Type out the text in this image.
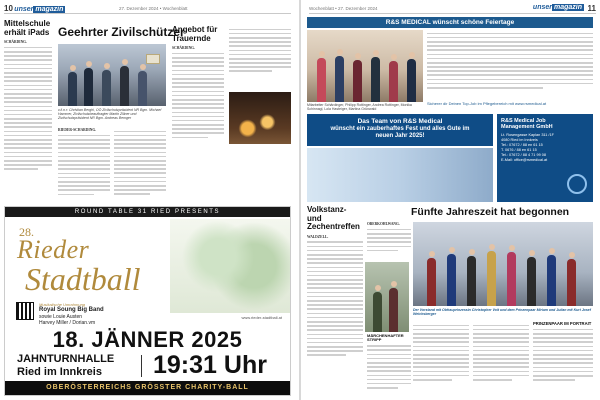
10 unser magazin	27. Dezember 2024 • Wochenblatt
Mittelschule
erhält iPads
SCHÄRDING.
Geehrter Zivilschützer
v.li.n.r: Christian Berghi, OÖ Zivilschutzpräsident NR Bgm. Michael Hammer, Zivilschutzbeauftragter Martin Zillner und Zivilschutzpräsident NR Bgm. Andreas Bemger
RIEDER-SCHÄRDING.
Angebot für
Trauernde
SCHÄRDING.
ROUND TABLE 31 RIED PRESENTS
28.
Rieder
Stadtball
Musikalische Umrahmung
Royal Soung Big Band
sowie Louie Austen
Harvey Miller / Dorian.vm
www.rieder-stadtball.at
18. JÄNNER 2025
JAHNTURNHALLE
Ried im Innkreis 19:31 Uhr
OBERÖSTERREICHS GRÖSSTER CHARITY-BALL
Wochenblatt • 27. Dezember 2024	unser magazin 11
R&S MEDICAL wünscht schöne Feiertage
Mitarbeiter Schärdinger, Philipp Rottinger, Andrea Rottinger, Monika Schinnagl, Lola Hasteiger, Martina Grünwald
Sicherer dir Deinen Top-Job im Pflegebereich mit www.rsmedical.at
Das Team von R&S Medical
wünscht ein zauberhaftes Fest und alles Gute im
neuen Jahr 2025!
R&S Medical Job
Management GmbH
Lt. Rosengasse Kaplan 311 /1F
4080 Ried im Innkreis
Tel.: 07672 / 88 en 61 15
T. 0676 / 88 en 61 15
Tel.: 07672 / 88 4 71 99 08
E-Mail: office@rsmedical.at
Volkstanz- und
Zechentreffen
WALDZELL.
Fünfte Jahreszeit hat begonnen
OBERKOHLWANG.
Der Vorstand mit Obfrauprinzessin Christopher Voit und dem Prinzenpaar Miriam und Julian mit Kurt Josef Weichsberger
PRINZENPAAR IM PORTRAIT
MÄRCHENHAFTER STRIPP
